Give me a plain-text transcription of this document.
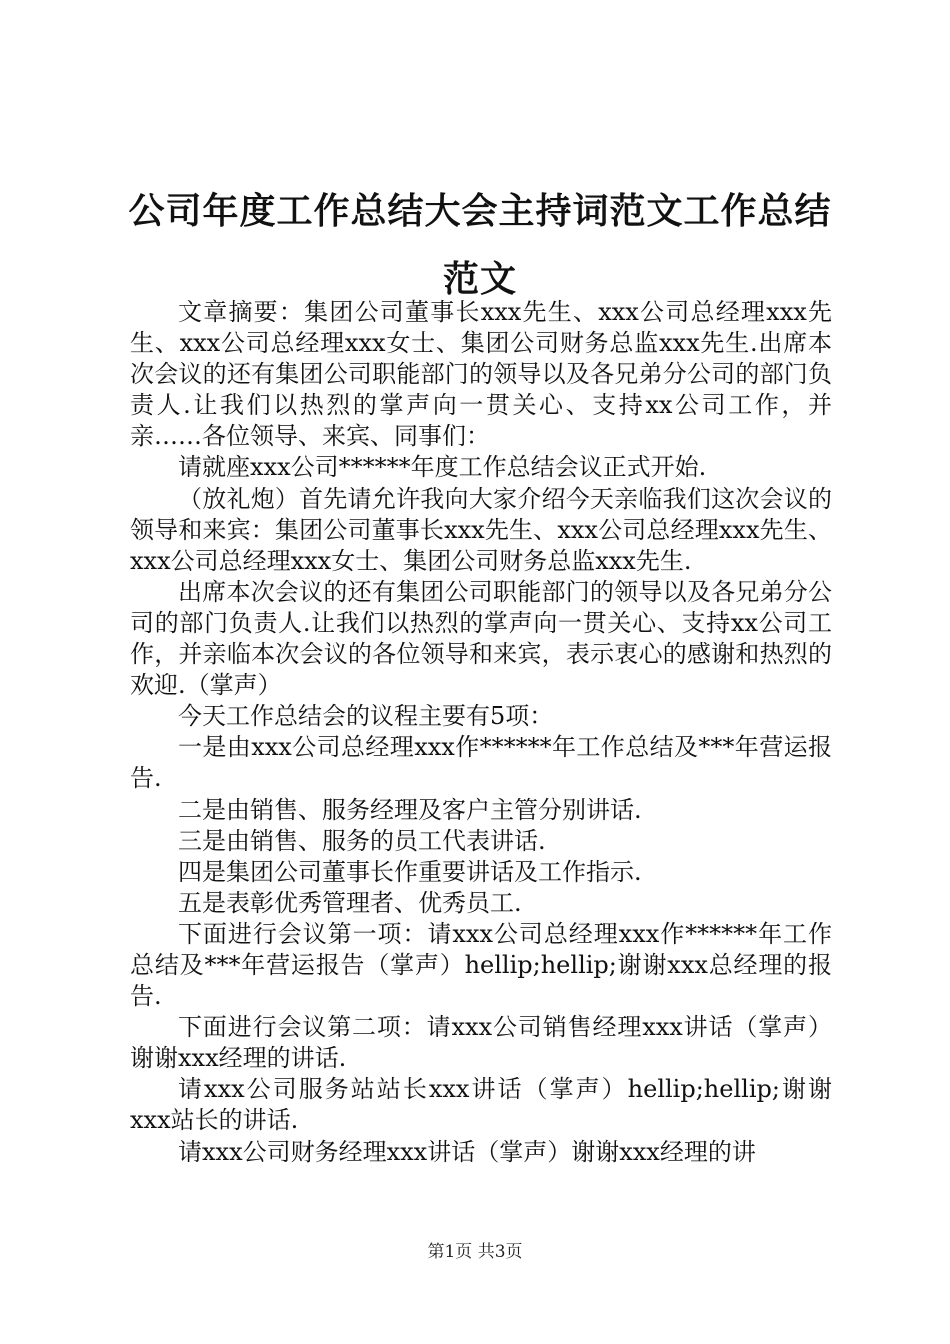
公司年度工作总结大会主持词范文工作总结范文

文章摘要：集团公司董事长xxx先生、xxx公司总经理xxx先生、xxx公司总经理xxx女士、集团公司财务总监xxx先生.出席本次会议的还有集团公司职能部门的领导以及各兄弟分公司的部门负责人.让我们以热烈的掌声向一贯关心、支持xx公司工作，并亲……各位领导、来宾、同事们：

请就座xxx公司******年度工作总结会议正式开始.

（放礼炮）首先请允许我向大家介绍今天亲临我们这次会议的领导和来宾：集团公司董事长xxx先生、xxx公司总经理xxx先生、xxx公司总经理xxx女士、集团公司财务总监xxx先生.

出席本次会议的还有集团公司职能部门的领导以及各兄弟分公司的部门负责人.让我们以热烈的掌声向一贯关心、支持xx公司工作，并亲临本次会议的各位领导和来宾，表示衷心的感谢和热烈的欢迎.（掌声）

今天工作总结会的议程主要有5项：

一是由xxx公司总经理xxx作******年工作总结及***年营运报告.

二是由销售、服务经理及客户主管分别讲话.

三是由销售、服务的员工代表讲话.

四是集团公司董事长作重要讲话及工作指示.

五是表彰优秀管理者、优秀员工.

下面进行会议第一项：请xxx公司总经理xxx作******年工作总结及***年营运报告（掌声）hellip;hellip;谢谢xxx总经理的报告.

下面进行会议第二项：请xxx公司销售经理xxx讲话（掌声）谢谢xxx经理的讲话.

请xxx公司服务站站长xxx讲话（掌声）hellip;hellip;谢谢xxx站长的讲话.

请xxx公司财务经理xxx讲话（掌声）谢谢xxx经理的讲

第1页 共3页
